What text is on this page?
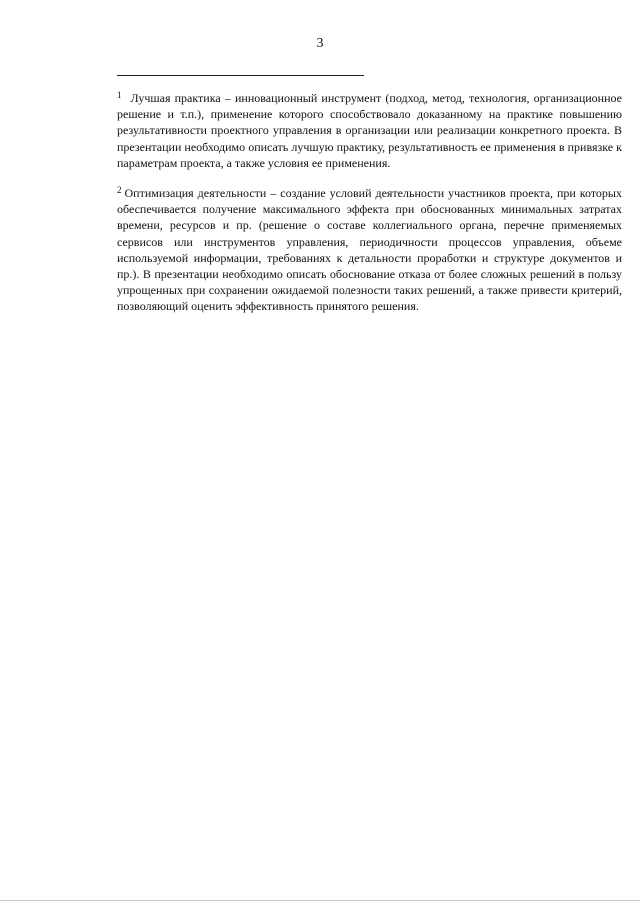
3

$^1$ Лучшая практика – инновационный инструмент (подход, метод, технология, организационное решение и т.п.), применение которого способствовало доказанному на практике повышению результативности проектного управления в организации или реализации конкретного проекта. В презентации необходимо описать лучшую практику, результативность ее применения в привязке к параметрам проекта, а также условия ее применения.

$^2$ Оптимизация деятельности – создание условий деятельности участников проекта, при которых обеспечивается получение максимального эффекта при обоснованных минимальных затратах времени, ресурсов и пр. (решение о составе коллегиального органа, перечне применяемых сервисов или инструментов управления, периодичности процессов управления, объеме используемой информации, требованиях к детальности проработки и структуре документов и пр.). В презентации необходимо описать обоснование отказа от более сложных решений в пользу упрощенных при сохранении ожидаемой полезности таких решений, а также привести критерий, позволяющий оценить эффективность принятого решения.
